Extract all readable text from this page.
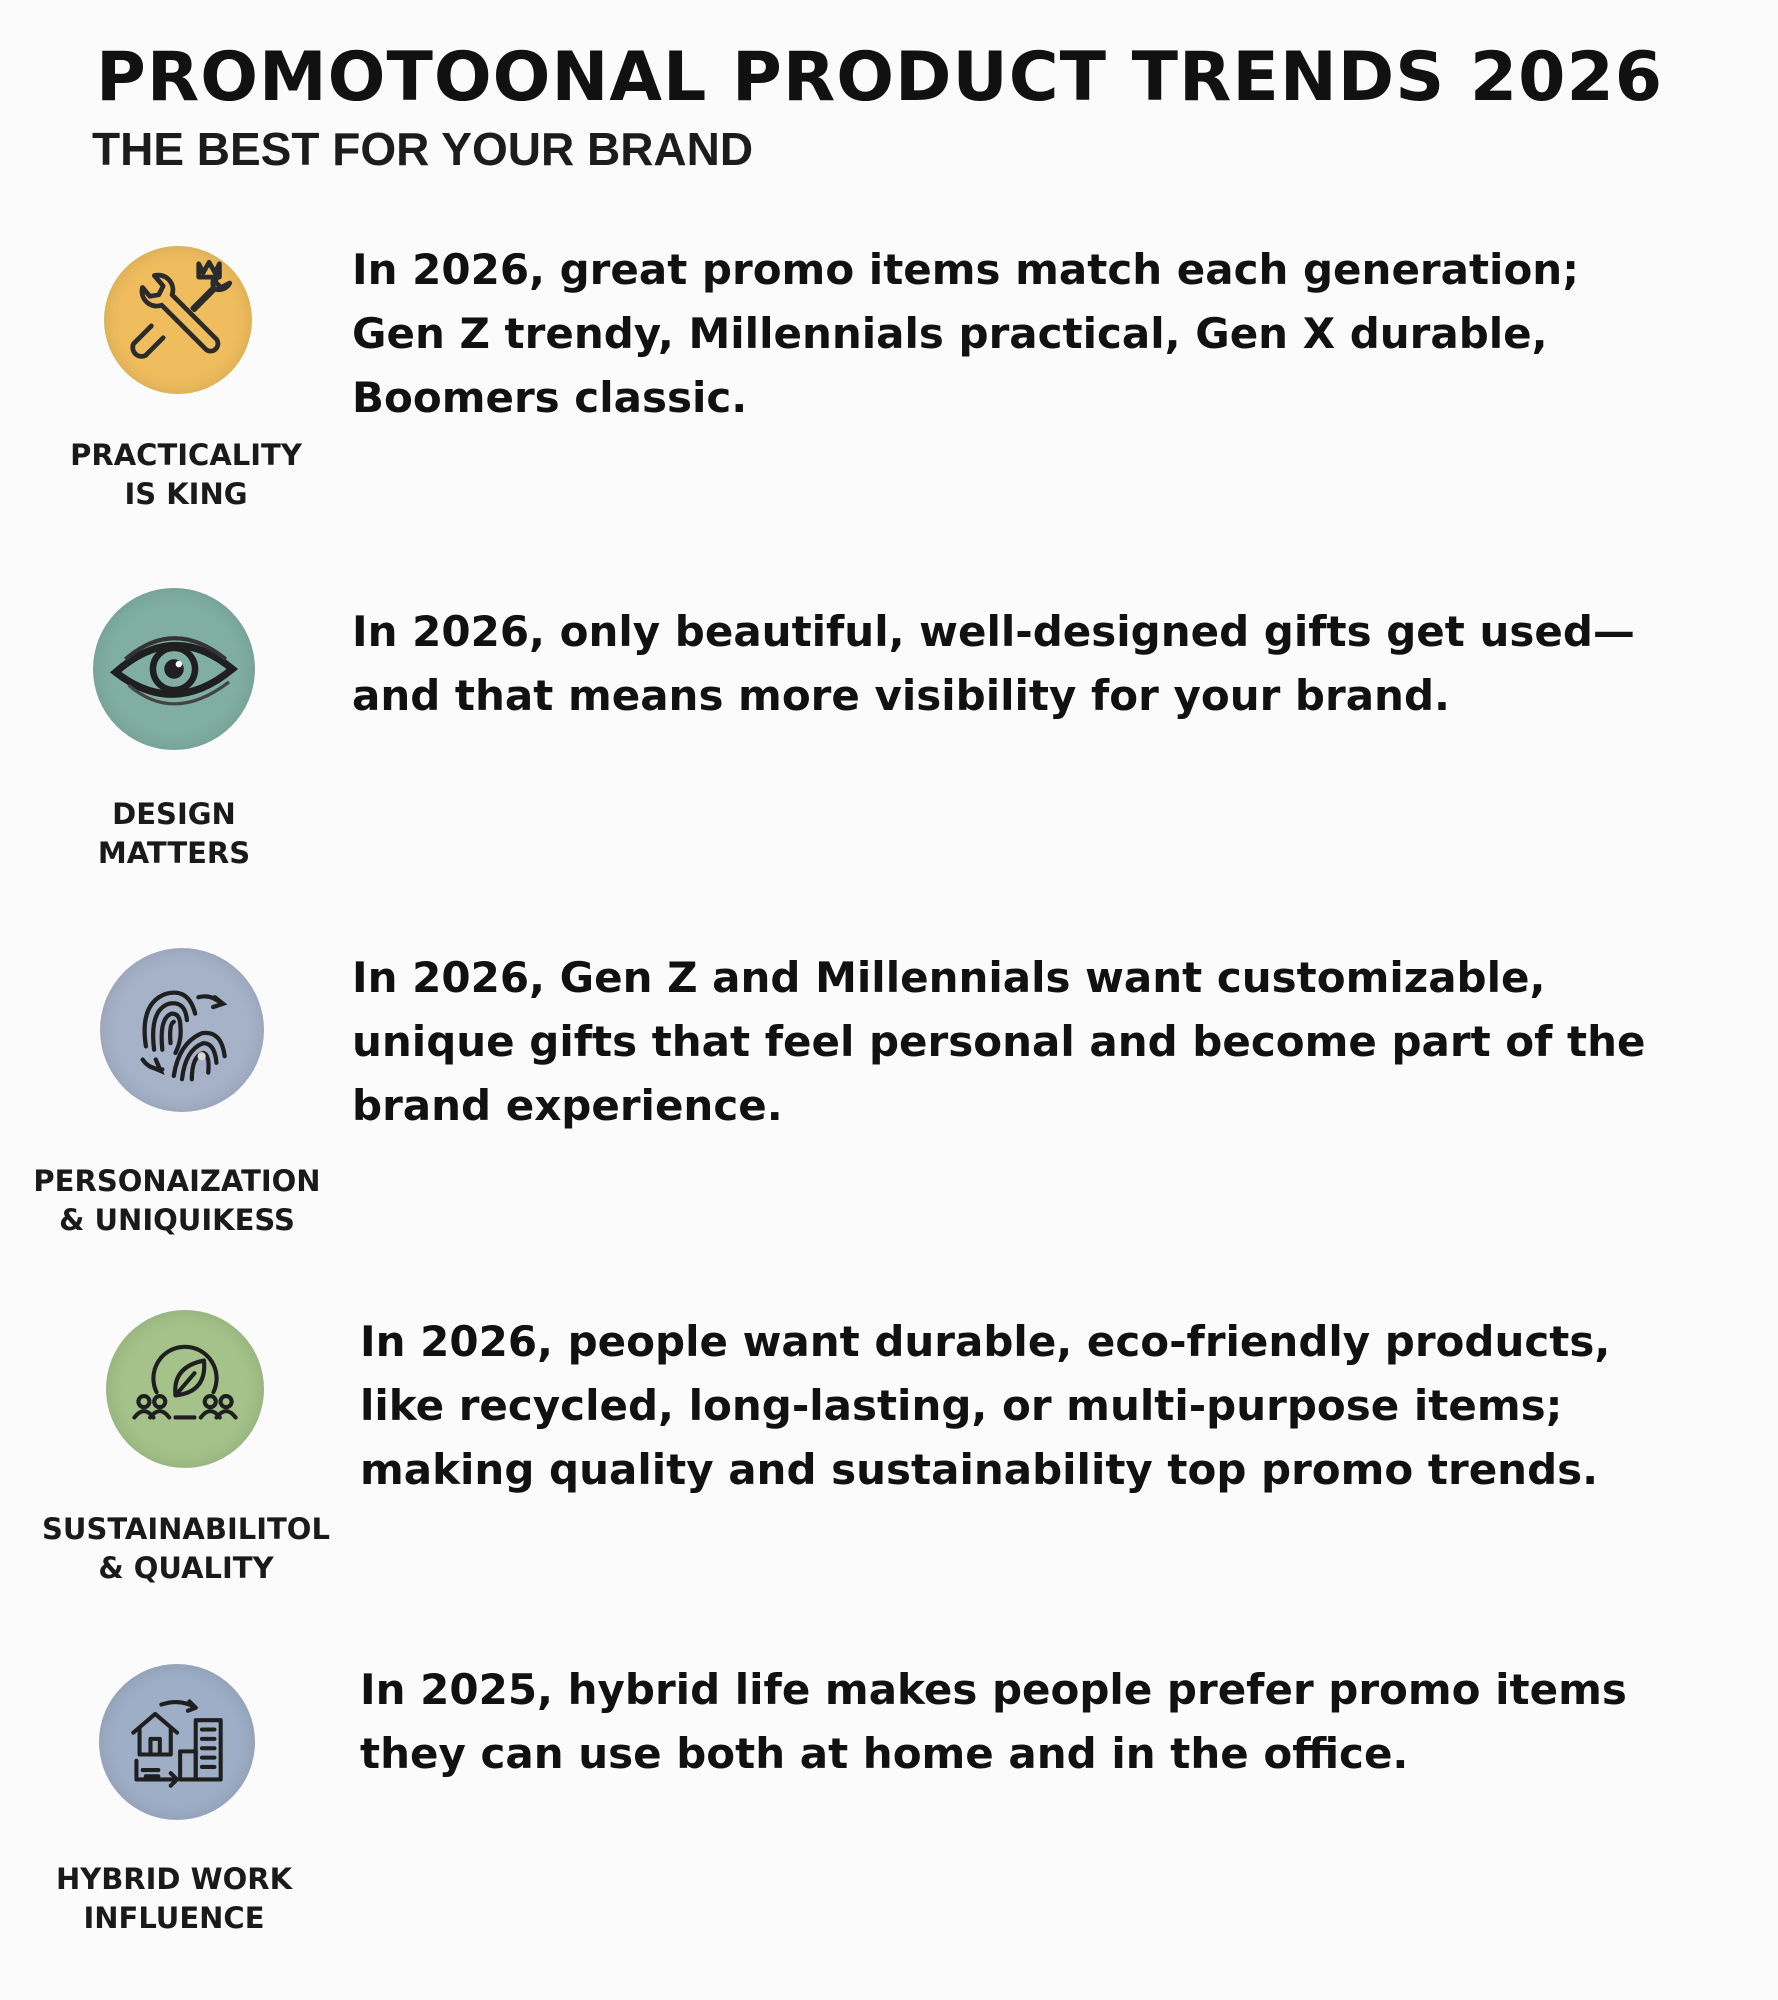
PROMOTOONAL PRODUCT TRENDS 2026
THE BEST FOR YOUR BRAND
PRACTICALITY
IS KING
In 2026, great promo items match each generation; Gen Z trendy, Millennials practical, Gen X durable, Boomers classic.
DESIGN
MATTERS
In 2026, only beautiful, well-designed gifts get used—and that means more visibility for your brand.
PERSONAIZATION
& UNIQUIKESS
In 2026, Gen Z and Millennials want customizable, unique gifts that feel personal and become part of the brand experience.
SUSTAINABILITOL
& QUALITY
In 2026, people want durable, eco-friendly products, like recycled, long-lasting, or multi-purpose items; making quality and sustainability top promo trends.
HYBRID WORK
INFLUENCE
In 2025, hybrid life makes people prefer promo items they can use both at home and in the office.
